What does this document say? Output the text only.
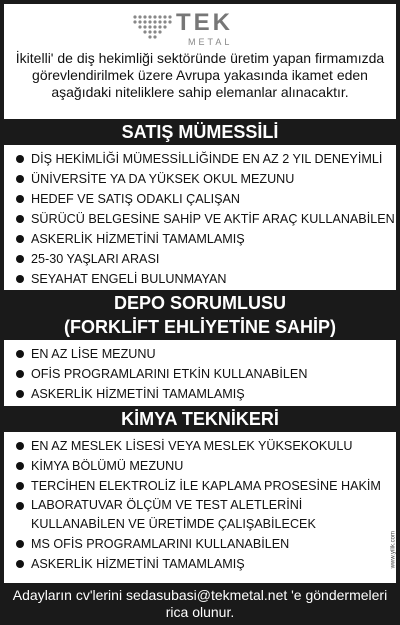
TEK
METAL

İkitelli' de diş hekimliği sektöründe üretim yapan firmamızda görevlendirilmek üzere Avrupa yakasında ikamet eden aşağıdaki niteliklere sahip elemanlar alınacaktır.

SATIŞ MÜMESSİLİ
DİŞ HEKİMLİĞİ MÜMESSİLLİĞİNDE EN AZ 2 YIL DENEYİMLİ
ÜNİVERSİTE YA DA YÜKSEK OKUL MEZUNU
HEDEF VE SATIŞ ODAKLI ÇALIŞAN
SÜRÜCÜ BELGESİNE SAHİP VE AKTİF ARAÇ KULLANABİLEN
ASKERLİK HİZMETİNİ TAMAMLAMIŞ
25-30 YAŞLARI ARASI
SEYAHAT ENGELİ BULUNMAYAN
DEPO SORUMLUSU
(FORKLİFT EHLİYETİNE SAHİP)
EN AZ LİSE MEZUNU
OFİS PROGRAMLARINI ETKİN KULLANABİLEN
ASKERLİK HİZMETİNİ TAMAMLAMIŞ
KİMYA TEKNİKERİ
EN AZ MESLEK LİSESİ VEYA MESLEK YÜKSEKOKULU
KİMYA BÖLÜMÜ MEZUNU
TERCİHEN ELEKTROLİZ İLE KAPLAMA PROSESİNE HAKİM
LABORATUVAR ÖLÇÜM VE TEST ALETLERİNİ KULLANABİLEN VE ÜRETİMDE ÇALIŞABİLECEK
MS OFİS PROGRAMLARINI KULLANABİLEN
ASKERLİK HİZMETİNİ TAMAMLAMIŞ	www.yilik.com
Adayların cv'lerini sedasubasi@tekmetal.net 'e göndermeleri rica olunur.
